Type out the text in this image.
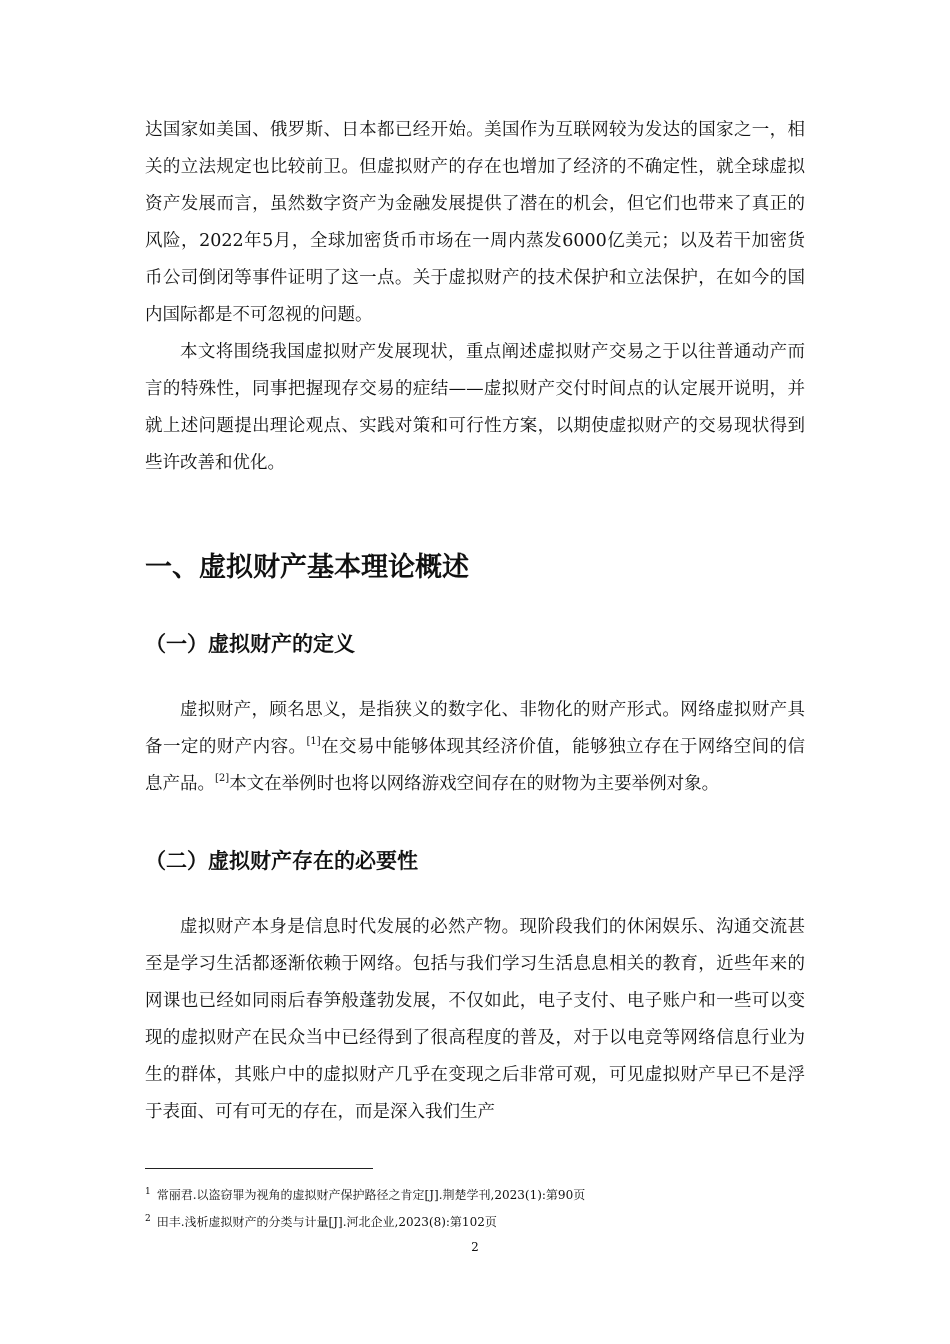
达国家如美国、俄罗斯、日本都已经开始。美国作为互联网较为发达的国家之一，相关的立法规定也比较前卫。但虚拟财产的存在也增加了经济的不确定性，就全球虚拟资产发展而言，虽然数字资产为金融发展提供了潜在的机会，但它们也带来了真正的风险，2022年5月，全球加密货币市场在一周内蒸发6000亿美元；以及若干加密货币公司倒闭等事件证明了这一点。关于虚拟财产的技术保护和立法保护，在如今的国内国际都是不可忽视的问题。

本文将围绕我国虚拟财产发展现状，重点阐述虚拟财产交易之于以往普通动产而言的特殊性，同事把握现存交易的症结——虚拟财产交付时间点的认定展开说明，并就上述问题提出理论观点、实践对策和可行性方案，以期使虚拟财产的交易现状得到些许改善和优化。

一、虚拟财产基本理论概述
（一）虚拟财产的定义

虚拟财产，顾名思义，是指狭义的数字化、非物化的财产形式。网络虚拟财产具备一定的财产内容。[1]在交易中能够体现其经济价值，能够独立存在于网络空间的信息产品。[2]本文在举例时也将以网络游戏空间存在的财物为主要举例对象。

（二）虚拟财产存在的必要性

虚拟财产本身是信息时代发展的必然产物。现阶段我们的休闲娱乐、沟通交流甚至是学习生活都逐渐依赖于网络。包括与我们学习生活息息相关的教育，近些年来的网课也已经如同雨后春笋般蓬勃发展，不仅如此，电子支付、电子账户和一些可以变现的虚拟财产在民众当中已经得到了很高程度的普及，对于以电竞等网络信息行业为生的群体，其账户中的虚拟财产几乎在变现之后非常可观，可见虚拟财产早已不是浮于表面、可有可无的存在，而是深入我们生产

$^1$ 常丽君.以盗窃罪为视角的虚拟财产保护路径之肯定[J].荆楚学刊,2023(1):第90页

$^2$ 田丰.浅析虚拟财产的分类与计量[J].河北企业,2023(8):第102页

2
